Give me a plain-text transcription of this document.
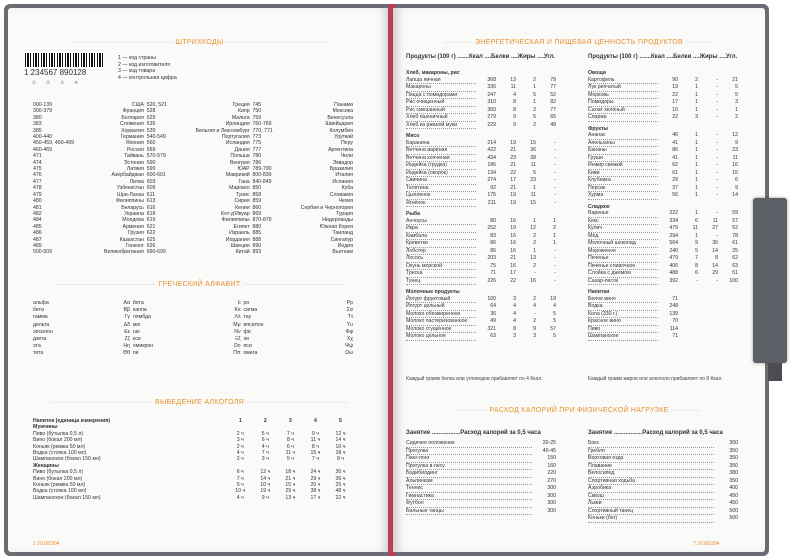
—————————————— ШТРИХКОДЫ ——————————————
1 234567 890128
①        ②        ③        ④
1 — код страны
2 — код изготовителя
3 — код товара
4 — контрольная цифра
000-139	США	520, 521	Греция	745	Панама
300-379	Франция	528	Кипр	750	Мексика
380	Болгария	529	Мальта	759	Венесуэла
383	Словения	535	Ирландия	760-769	Швейцария
385	Хорватия	539	Бельгия и Люксембург	770, 771	Колумбия
400-440	Германия	540-549	Португалия	773	Уругвай
450-459, 490-499	Япония	560	Исландия	775	Перу
460-469	Россия	569	Дания	777	Аргентина
471	Тайвань	570-579	Польша	780	Чили
474	Эстония	590	Венгрия	786	Эквадор
475	Латвия	599	ЮАР	789-790	Бразилия
476	Азербайджан	600-601	Маврикий	800-839	Италия
477	Литва	603	Гана	840-849	Испания
478	Узбекистан	609	Марокко	850	Куба
479	Шри-Ланка	611	Тунис	858	Словакия
480	Филиппины	613	Сирия	859	Чехия
481	Беларусь	616	Кения	860	Сербия и Черногория
482	Украина	618	Кот-д'Ивуар	869	Турция
484	Молдова	619	Филиппины	870-879	Нидерланды
485	Армения	621	Египет	880	Южная Корея
486	Грузия	622	Израиль	885	Таиланд
487	Казахстан	625	Иордания	888	Сингапур
489	Гонконг	626	Швеция	890	Индия
500-509	Великобритания	690-699	Китай	893	Вьетнам
—————————————— ГРЕЧЕСКИЙ АЛФАВИТ ——————————————
альфа	Αα	йота	Ιι	ро	Ρρ
бета	Ββ	каппа	Κκ	сигма	Σσ
гамма	Γγ	лямбда	Λλ	тау	Ττ
дельта	Δδ	мю	Μμ	ипсилон	Υυ
эпсилон	Εε	ню	Νν	фи	Φφ
дзета	Ζζ	кси	Ξξ	хи	Χχ
эта	Ηη	омикрон	Οο	пси	Ψψ
тета	Θθ	пи	Ππ	омега	Ωω
—————————————— ВЫВЕДЕНИЕ АЛКОГОЛЯ ——————————————
Напиток (единица измерения)	1	2	3	4	5
Мужчины					
Пиво (бутылка 0,5 л)	2 ч	5 ч	7 ч	9 ч	12 ч
Вино (бокал 200 мл)	3 ч	6 ч	8 ч	11 ч	14 ч
Коньяк (рюмка 50 мл)	2 ч	4 ч	6 ч	8 ч	10 ч
Водка (стопка 100 мл)	4 ч	7 ч	11 ч	15 ч	18 ч
Шампанское (бокал 150 мл)	2 ч	3 ч	5 ч	7 ч	8 ч
Женщины					
Пиво (бутылка 0,5 л)	6 ч	12 ч	18 ч	24 ч	30 ч
Вино (бокал 200 мл)	7 ч	14 ч	21 ч	29 ч	36 ч
Коньяк (рюмка 50 мл)	5 ч	10 ч	15 ч	20 ч	25 ч
Водка (стопка 100 мл)	10 ч	19 ч	29 ч	38 ч	48 ч
Шампанское (бокал 150 мл)	4 ч	9 ч	13 ч	17 ч	22 ч
1 20160304
———— ЭНЕРГЕТИЧЕСКАЯ И ПИЩЕВАЯ ЦЕННОСТЬ ПРОДУКТОВ ————
Продукты (100 г) .......Ккал ....Белки ....Жиры ....Угл.	Продукты (100 г) .......Ккал ....Белки ....Жиры ....Угл.
Хлеб, макароны, рис
Лапша яичная	368	13	2	79
Макароны	336	11	1	77
Пицца с помидорами	247	4	5	52
Рис очищенный	310	8	1	82
Рис смешанный	360	8	2	77
Хлеб пшеничный	279	9	5	65
Хлеб из ржаной муки	229	9	2	48
Мясо
Баранина	214	19	15	-
Ветчина варёная	422	21	36	-
Ветчина копченая	434	23	38	-
Индейка (грудка)	186	21	11	-
Индейка (окорок)	134	22	5	-
Свинина	274	17	23	-
Телятина	92	21	1	-
Цыпленок	175	19	11	-
Ягнёнок	211	19	15	-
Рыба
Анчоусы	80	16	1	1
Икра	252	19	12	2
Камбала	83	16	2	1
Креветки	86	16	2	1
Лобстер	86	16	1	-
Лосось	203	21	13	-
Окунь морской	75	16	2	-
Треска	71	17	-	-
Тунец	226	22	16	-
Молочные продукты
Йогурт фруктовый	100	3	2	19
Йогурт цельный	64	4	4	4
Молоко обезжиренное	36	4	-	5
Молоко пастеризованное	49	4	2	5
Молоко сгущённое	321	8	9	57
Молоко цельное	63	3	3	5
Овощи
Картофель	90	2	-	21
Лук репчатый	19	1	-	5
Морковь	22	1	-	5
Помидоры	17	1	-	3
Салат зелёный	10	1	-	1
Спаржа	22	3	-	2
Фрукты
Ананас	46	1	-	12
Апельсины	41	1	-	9
Бананы	86	1	-	23
Груши	41	1	-	11
Инжир свежий	62	1	-	16
Киви	61	1	-	15
Клубника	29	1	-	6
Персик	37	1	-	9
Хурма	56	1	-	14
Сладкое
Варенье	222	1	-	59
Кекс	334	6	11	57
Кулич	479	11	27	52
Мёд	294	1	-	78
Молочный шоколад	564	9	36	61
Мороженое	240	5	14	25
Печенье	479	7	8	62
Печенье сливочное	406	8	14	63
Слойка с джемом	488	6	29	51
Сахар-песок	392	-	-	100
Напитки
Белое вино	71
Водка	248
Кола (330 г.)	139
Красное вино	70
Пиво	114
Шампанское	71
Каждый грамм белка или углеводов прибавляет по 4 Ккал.	Каждый грамм жиров или алкоголя прибавляет по 9 Ккал.
———— РАСХОД КАЛОРИЙ ПРИ ФИЗИЧЕСКОЙ НАГРУЗКЕ ————
Занятие .................Расход калорий за 0,5 часа	Занятие .................Расход калорий за 0,5 часа
Сидячее положение	20-25
Прогулка	40-45
Пинг-понг	150
Прогулка в лесу	160
Бодибилдинг	220
Альпинизм	270
Теннис	300
Гимнастика	300
Футбол	300
Бальные танцы	300
Бокс	300
Гребля	350
Верховая езда	350
Плавание	350
Велосипед	380
Спортивная ходьба	350
Аэробика	400
Сквош	450
Лыжи	450
Спортивный танец	500
Коньки (бег)	500
7 20160304
